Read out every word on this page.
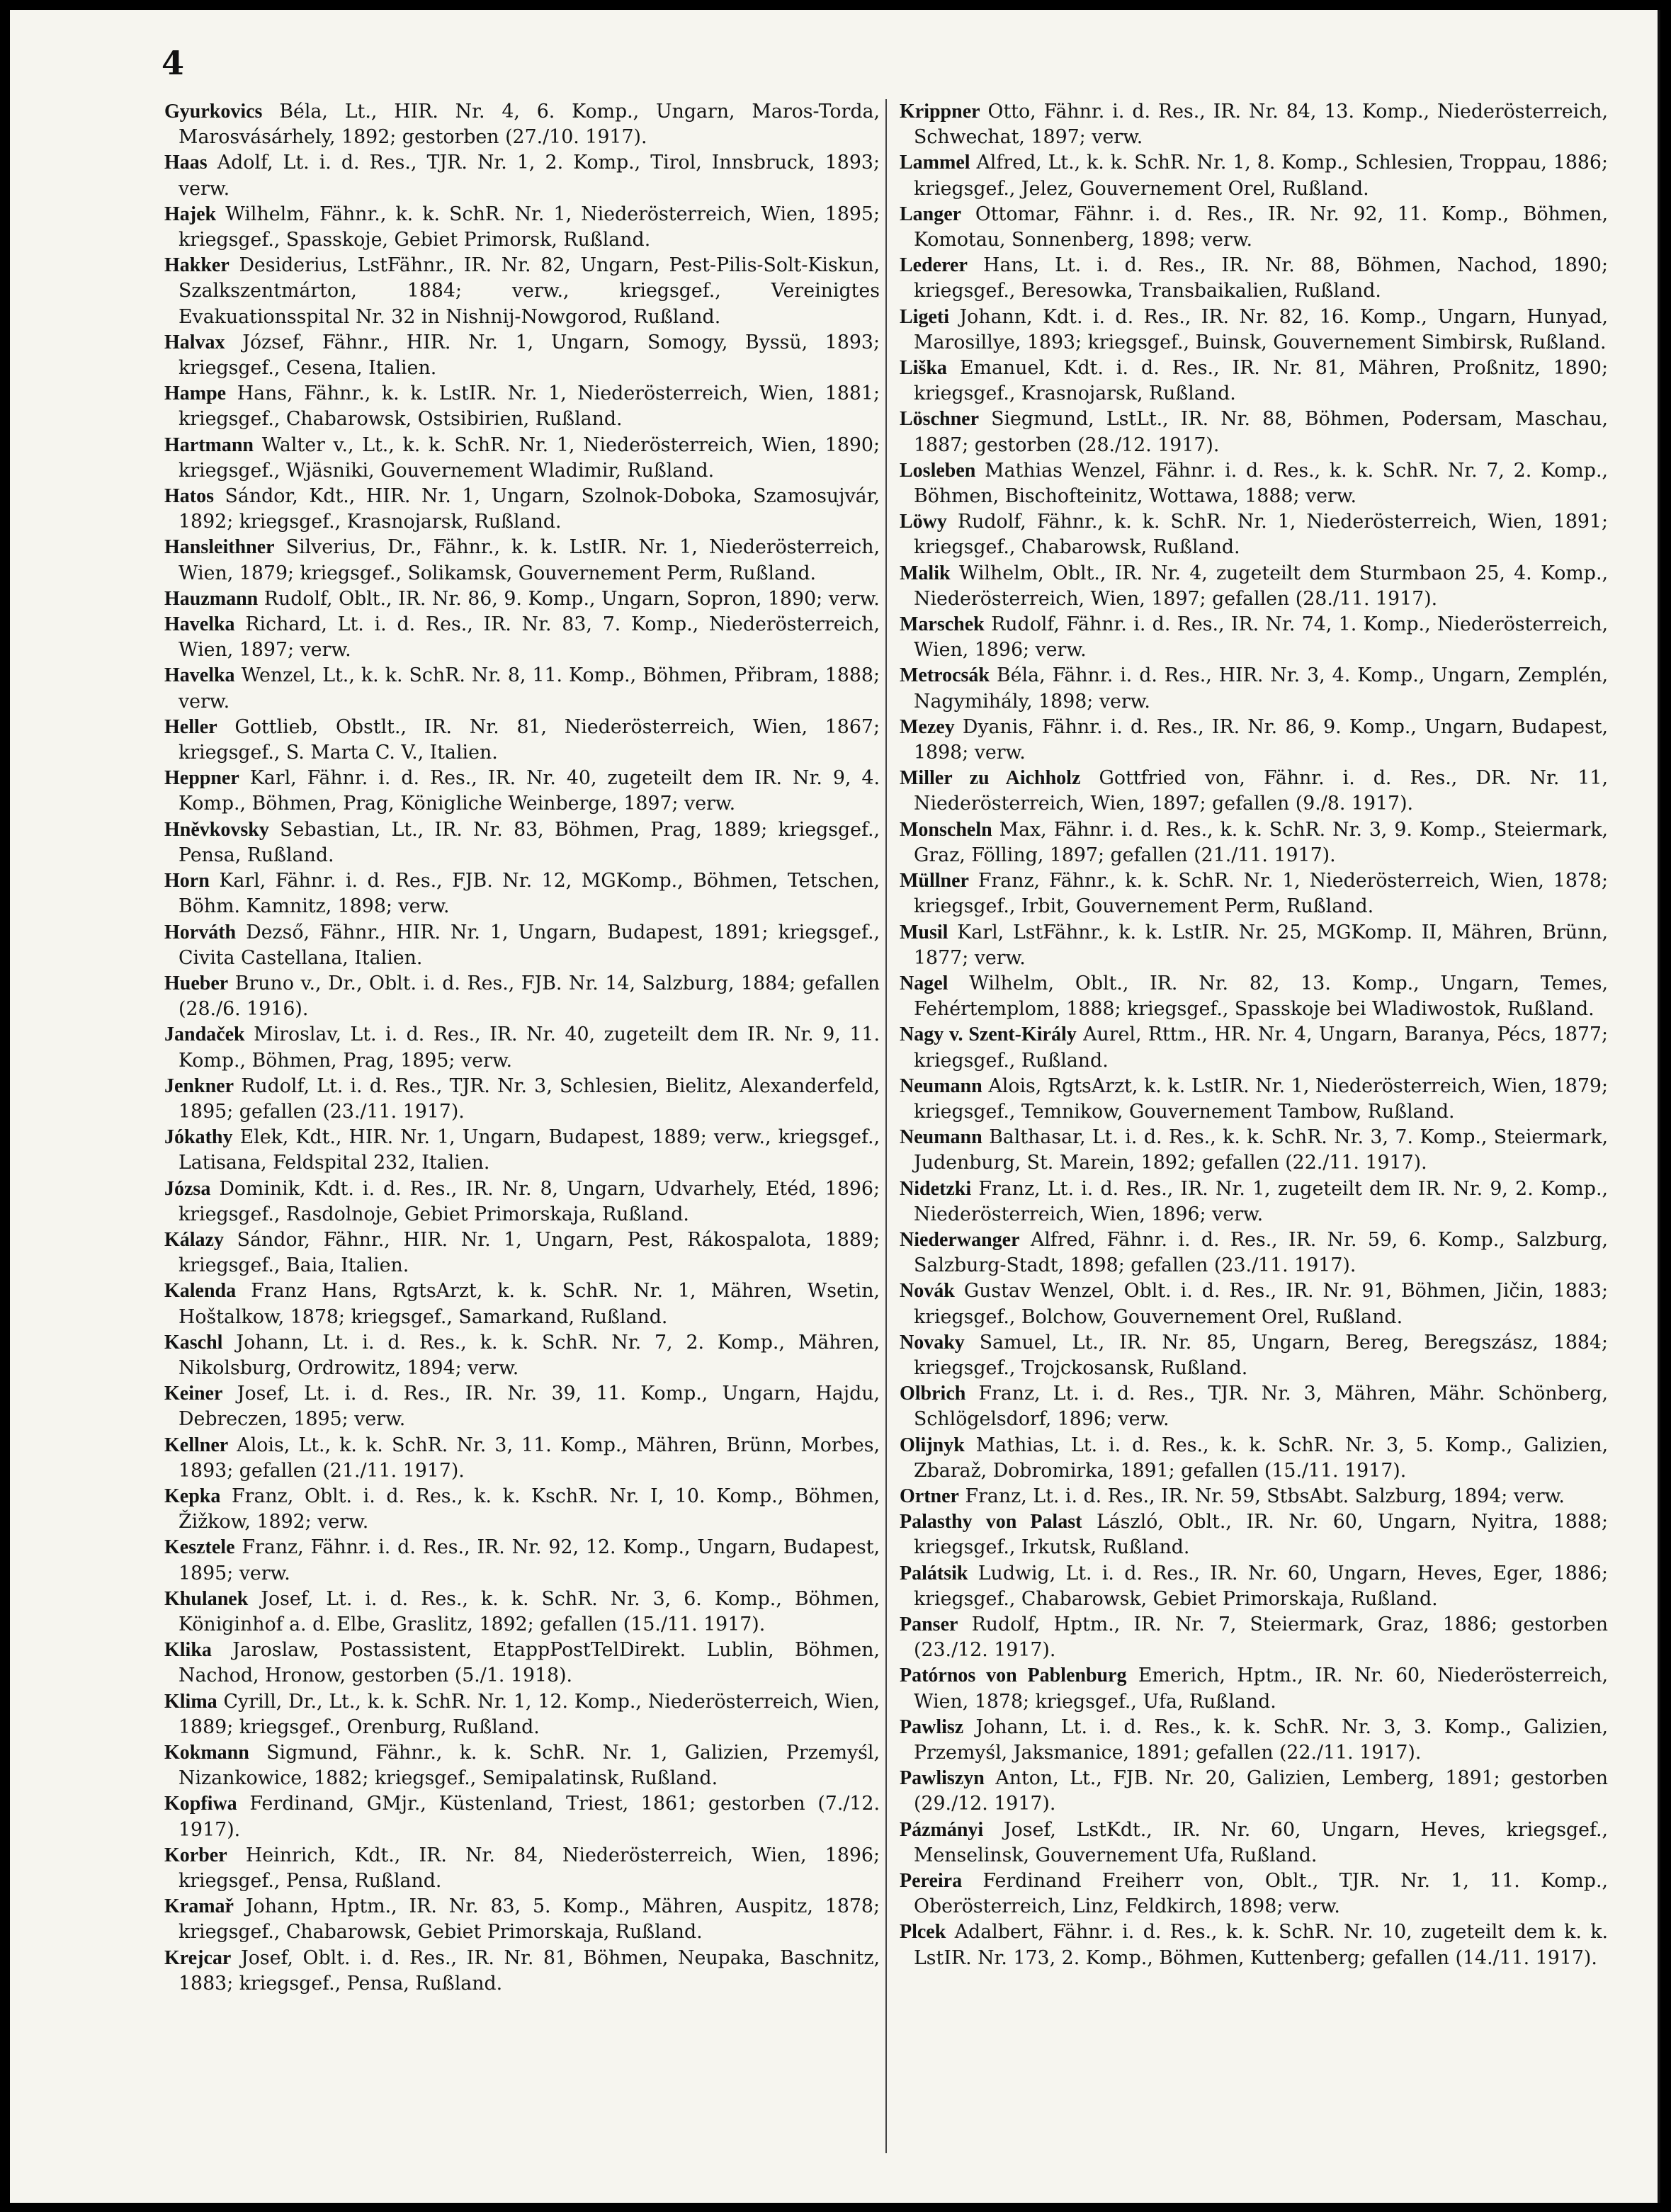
4

Gyurkovics Béla, Lt., HIR. Nr. 4, 6. Komp., Ungarn, Maros-Torda, Marosvásárhely, 1892; gestorben (27./10. 1917).

Haas Adolf, Lt. i. d. Res., TJR. Nr. 1, 2. Komp., Tirol, Innsbruck, 1893; verw.

Hajek Wilhelm, Fähnr., k. k. SchR. Nr. 1, Niederösterreich, Wien, 1895; kriegsgef., Spasskoje, Gebiet Primorsk, Rußland.

Hakker Desiderius, LstFähnr., IR. Nr. 82, Ungarn, Pest-Pilis-Solt-Kiskun, Szalkszentmárton, 1884; verw., kriegsgef., Vereinigtes Evakuationsspital Nr. 32 in Nishnij-Nowgorod, Rußland.

Halvax József, Fähnr., HIR. Nr. 1, Ungarn, Somogy, Byssü, 1893; kriegsgef., Cesena, Italien.

Hampe Hans, Fähnr., k. k. LstIR. Nr. 1, Niederösterreich, Wien, 1881; kriegsgef., Chabarowsk, Ostsibirien, Rußland.

Hartmann Walter v., Lt., k. k. SchR. Nr. 1, Niederösterreich, Wien, 1890; kriegsgef., Wjäsniki, Gouvernement Wladimir, Rußland.

Hatos Sándor, Kdt., HIR. Nr. 1, Ungarn, Szolnok-Doboka, Szamosujvár, 1892; kriegsgef., Krasnojarsk, Rußland.

Hansleithner Silverius, Dr., Fähnr., k. k. LstIR. Nr. 1, Niederösterreich, Wien, 1879; kriegsgef., Solikamsk, Gouvernement Perm, Rußland.

Hauzmann Rudolf, Oblt., IR. Nr. 86, 9. Komp., Ungarn, Sopron, 1890; verw.

Havelka Richard, Lt. i. d. Res., IR. Nr. 83, 7. Komp., Niederösterreich, Wien, 1897; verw.

Havelka Wenzel, Lt., k. k. SchR. Nr. 8, 11. Komp., Böhmen, Přibram, 1888; verw.

Heller Gottlieb, Obstlt., IR. Nr. 81, Niederösterreich, Wien, 1867; kriegsgef., S. Marta C. V., Italien.

Heppner Karl, Fähnr. i. d. Res., IR. Nr. 40, zugeteilt dem IR. Nr. 9, 4. Komp., Böhmen, Prag, Königliche Weinberge, 1897; verw.

Hněvkovsky Sebastian, Lt., IR. Nr. 83, Böhmen, Prag, 1889; kriegsgef., Pensa, Rußland.

Horn Karl, Fähnr. i. d. Res., FJB. Nr. 12, MGKomp., Böhmen, Tetschen, Böhm. Kamnitz, 1898; verw.

Horváth Dezső, Fähnr., HIR. Nr. 1, Ungarn, Budapest, 1891; kriegsgef., Civita Castellana, Italien.

Hueber Bruno v., Dr., Oblt. i. d. Res., FJB. Nr. 14, Salzburg, 1884; gefallen (28./6. 1916).

Jandaček Miroslav, Lt. i. d. Res., IR. Nr. 40, zugeteilt dem IR. Nr. 9, 11. Komp., Böhmen, Prag, 1895; verw.

Jenkner Rudolf, Lt. i. d. Res., TJR. Nr. 3, Schlesien, Bielitz, Alexanderfeld, 1895; gefallen (23./11. 1917).

Jókathy Elek, Kdt., HIR. Nr. 1, Ungarn, Budapest, 1889; verw., kriegsgef., Latisana, Feldspital 232, Italien.

Józsa Dominik, Kdt. i. d. Res., IR. Nr. 8, Ungarn, Udvarhely, Etéd, 1896; kriegsgef., Rasdolnoje, Gebiet Primorskaja, Rußland.

Kálazy Sándor, Fähnr., HIR. Nr. 1, Ungarn, Pest, Rákospalota, 1889; kriegsgef., Baia, Italien.

Kalenda Franz Hans, RgtsArzt, k. k. SchR. Nr. 1, Mähren, Wsetin, Hoštalkow, 1878; kriegsgef., Samarkand, Rußland.

Kaschl Johann, Lt. i. d. Res., k. k. SchR. Nr. 7, 2. Komp., Mähren, Nikolsburg, Ordrowitz, 1894; verw.

Keiner Josef, Lt. i. d. Res., IR. Nr. 39, 11. Komp., Ungarn, Hajdu, Debreczen, 1895; verw.

Kellner Alois, Lt., k. k. SchR. Nr. 3, 11. Komp., Mähren, Brünn, Morbes, 1893; gefallen (21./11. 1917).

Kepka Franz, Oblt. i. d. Res., k. k. KschR. Nr. I, 10. Komp., Böhmen, Žižkow, 1892; verw.

Kesztele Franz, Fähnr. i. d. Res., IR. Nr. 92, 12. Komp., Ungarn, Budapest, 1895; verw.

Khulanek Josef, Lt. i. d. Res., k. k. SchR. Nr. 3, 6. Komp., Böhmen, Königinhof a. d. Elbe, Graslitz, 1892; gefallen (15./11. 1917).

Klika Jaroslaw, Postassistent, EtappPostTelDirekt. Lublin, Böhmen, Nachod, Hronow, gestorben (5./1. 1918).

Klima Cyrill, Dr., Lt., k. k. SchR. Nr. 1, 12. Komp., Niederösterreich, Wien, 1889; kriegsgef., Orenburg, Rußland.

Kokmann Sigmund, Fähnr., k. k. SchR. Nr. 1, Galizien, Przemyśl, Nizankowice, 1882; kriegsgef., Semipalatinsk, Rußland.

Kopfiwa Ferdinand, GMjr., Küstenland, Triest, 1861; gestorben (7./12. 1917).

Korber Heinrich, Kdt., IR. Nr. 84, Niederösterreich, Wien, 1896; kriegsgef., Pensa, Rußland.

Kramař Johann, Hptm., IR. Nr. 83, 5. Komp., Mähren, Auspitz, 1878; kriegsgef., Chabarowsk, Gebiet Primorskaja, Rußland.

Krejcar Josef, Oblt. i. d. Res., IR. Nr. 81, Böhmen, Neupaka, Baschnitz, 1883; kriegsgef., Pensa, Rußland.

Krippner Otto, Fähnr. i. d. Res., IR. Nr. 84, 13. Komp., Niederösterreich, Schwechat, 1897; verw.

Lammel Alfred, Lt., k. k. SchR. Nr. 1, 8. Komp., Schlesien, Troppau, 1886; kriegsgef., Jelez, Gouvernement Orel, Rußland.

Langer Ottomar, Fähnr. i. d. Res., IR. Nr. 92, 11. Komp., Böhmen, Komotau, Sonnenberg, 1898; verw.

Lederer Hans, Lt. i. d. Res., IR. Nr. 88, Böhmen, Nachod, 1890; kriegsgef., Beresowka, Transbaikalien, Rußland.

Ligeti Johann, Kdt. i. d. Res., IR. Nr. 82, 16. Komp., Ungarn, Hunyad, Marosillye, 1893; kriegsgef., Buinsk, Gouvernement Simbirsk, Rußland.

Liška Emanuel, Kdt. i. d. Res., IR. Nr. 81, Mähren, Proßnitz, 1890; kriegsgef., Krasnojarsk, Rußland.

Löschner Siegmund, LstLt., IR. Nr. 88, Böhmen, Podersam, Maschau, 1887; gestorben (28./12. 1917).

Losleben Mathias Wenzel, Fähnr. i. d. Res., k. k. SchR. Nr. 7, 2. Komp., Böhmen, Bischofteinitz, Wottawa, 1888; verw.

Löwy Rudolf, Fähnr., k. k. SchR. Nr. 1, Niederösterreich, Wien, 1891; kriegsgef., Chabarowsk, Rußland.

Malik Wilhelm, Oblt., IR. Nr. 4, zugeteilt dem Sturmbaon 25, 4. Komp., Niederösterreich, Wien, 1897; gefallen (28./11. 1917).

Marschek Rudolf, Fähnr. i. d. Res., IR. Nr. 74, 1. Komp., Niederösterreich, Wien, 1896; verw.

Metrocsák Béla, Fähnr. i. d. Res., HIR. Nr. 3, 4. Komp., Ungarn, Zemplén, Nagymihály, 1898; verw.

Mezey Dyanis, Fähnr. i. d. Res., IR. Nr. 86, 9. Komp., Ungarn, Budapest, 1898; verw.

Miller zu Aichholz Gottfried von, Fähnr. i. d. Res., DR. Nr. 11, Niederösterreich, Wien, 1897; gefallen (9./8. 1917).

Monscheln Max, Fähnr. i. d. Res., k. k. SchR. Nr. 3, 9. Komp., Steiermark, Graz, Fölling, 1897; gefallen (21./11. 1917).

Müllner Franz, Fähnr., k. k. SchR. Nr. 1, Niederösterreich, Wien, 1878; kriegsgef., Irbit, Gouvernement Perm, Rußland.

Musil Karl, LstFähnr., k. k. LstIR. Nr. 25, MGKomp. II, Mähren, Brünn, 1877; verw.

Nagel Wilhelm, Oblt., IR. Nr. 82, 13. Komp., Ungarn, Temes, Fehértemplom, 1888; kriegsgef., Spasskoje bei Wladiwostok, Rußland.

Nagy v. Szent-Király Aurel, Rttm., HR. Nr. 4, Ungarn, Baranya, Pécs, 1877; kriegsgef., Rußland.

Neumann Alois, RgtsArzt, k. k. LstIR. Nr. 1, Niederösterreich, Wien, 1879; kriegsgef., Temnikow, Gouvernement Tambow, Rußland.

Neumann Balthasar, Lt. i. d. Res., k. k. SchR. Nr. 3, 7. Komp., Steiermark, Judenburg, St. Marein, 1892; gefallen (22./11. 1917).

Nidetzki Franz, Lt. i. d. Res., IR. Nr. 1, zugeteilt dem IR. Nr. 9, 2. Komp., Niederösterreich, Wien, 1896; verw.

Niederwanger Alfred, Fähnr. i. d. Res., IR. Nr. 59, 6. Komp., Salzburg, Salzburg-Stadt, 1898; gefallen (23./11. 1917).

Novák Gustav Wenzel, Oblt. i. d. Res., IR. Nr. 91, Böhmen, Jičin, 1883; kriegsgef., Bolchow, Gouvernement Orel, Rußland.

Novaky Samuel, Lt., IR. Nr. 85, Ungarn, Bereg, Beregszász, 1884; kriegsgef., Trojckosansk, Rußland.

Olbrich Franz, Lt. i. d. Res., TJR. Nr. 3, Mähren, Mähr. Schönberg, Schlögelsdorf, 1896; verw.

Olijnyk Mathias, Lt. i. d. Res., k. k. SchR. Nr. 3, 5. Komp., Galizien, Zbaraž, Dobromirka, 1891; gefallen (15./11. 1917).

Ortner Franz, Lt. i. d. Res., IR. Nr. 59, StbsAbt. Salzburg, 1894; verw.

Palasthy von Palast László, Oblt., IR. Nr. 60, Ungarn, Nyitra, 1888; kriegsgef., Irkutsk, Rußland.

Palátsik Ludwig, Lt. i. d. Res., IR. Nr. 60, Ungarn, Heves, Eger, 1886; kriegsgef., Chabarowsk, Gebiet Primorskaja, Rußland.

Panser Rudolf, Hptm., IR. Nr. 7, Steiermark, Graz, 1886; gestorben (23./12. 1917).

Patórnos von Pablenburg Emerich, Hptm., IR. Nr. 60, Niederösterreich, Wien, 1878; kriegsgef., Ufa, Rußland.

Pawlisz Johann, Lt. i. d. Res., k. k. SchR. Nr. 3, 3. Komp., Galizien, Przemyśl, Jaksmanice, 1891; gefallen (22./11. 1917).

Pawliszyn Anton, Lt., FJB. Nr. 20, Galizien, Lemberg, 1891; gestorben (29./12. 1917).

Pázmányi Josef, LstKdt., IR. Nr. 60, Ungarn, Heves, kriegsgef., Menselinsk, Gouvernement Ufa, Rußland.

Pereira Ferdinand Freiherr von, Oblt., TJR. Nr. 1, 11. Komp., Oberösterreich, Linz, Feldkirch, 1898; verw.

Plcek Adalbert, Fähnr. i. d. Res., k. k. SchR. Nr. 10, zugeteilt dem k. k. LstIR. Nr. 173, 2. Komp., Böhmen, Kuttenberg; gefallen (14./11. 1917).
